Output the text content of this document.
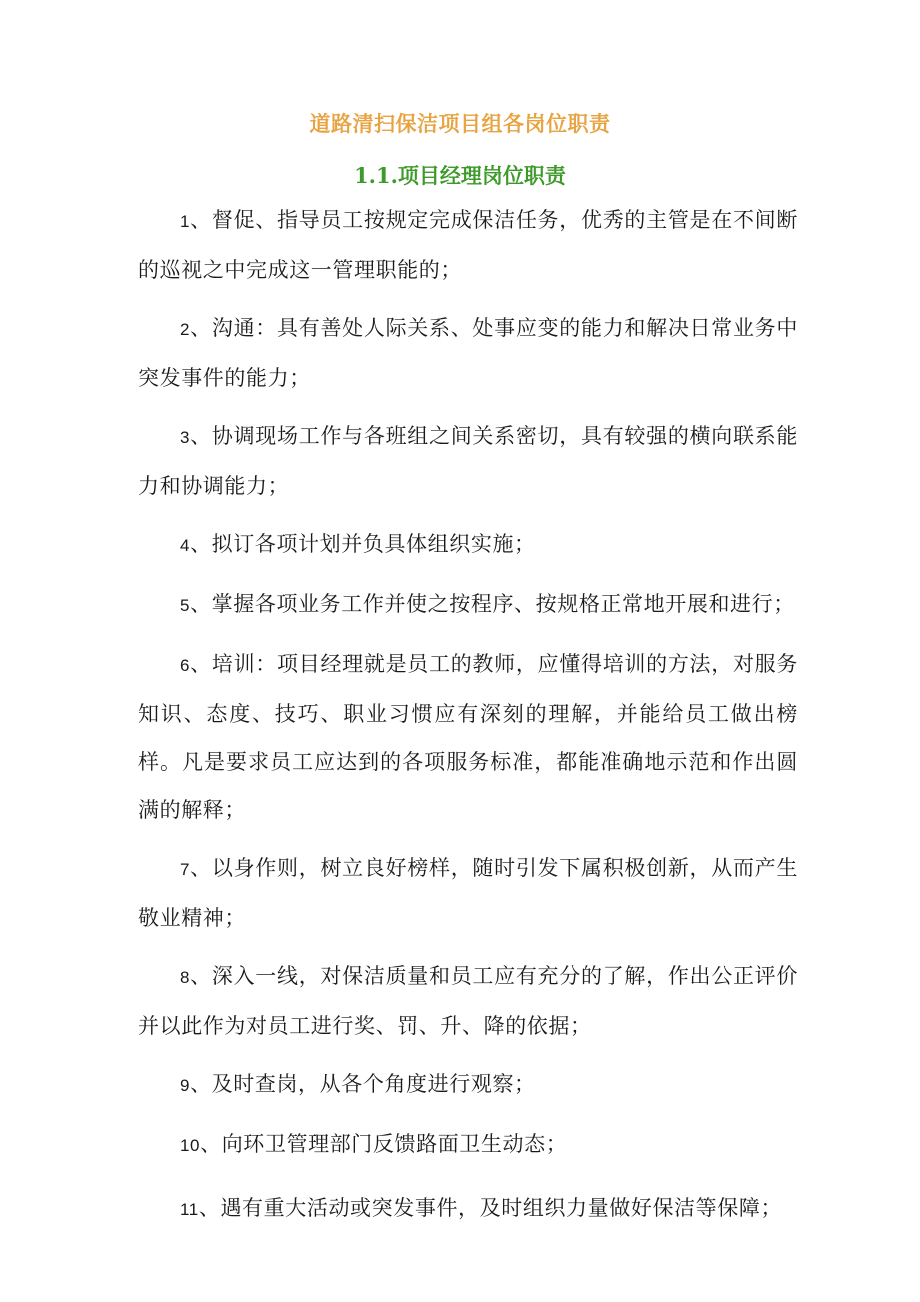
道路清扫保洁项目组各岗位职责
1.1.项目经理岗位职责
1、督促、指导员工按规定完成保洁任务，优秀的主管是在不间断的巡视之中完成这一管理职能的；
2、沟通：具有善处人际关系、处事应变的能力和解决日常业务中突发事件的能力；
3、协调现场工作与各班组之间关系密切，具有较强的横向联系能力和协调能力；
4、拟订各项计划并负具体组织实施；
5、掌握各项业务工作并使之按程序、按规格正常地开展和进行；
6、培训：项目经理就是员工的教师，应懂得培训的方法，对服务知识、态度、技巧、职业习惯应有深刻的理解，并能给员工做出榜样。凡是要求员工应达到的各项服务标准，都能准确地示范和作出圆满的解释；
7、以身作则，树立良好榜样，随时引发下属积极创新，从而产生敬业精神；
8、深入一线，对保洁质量和员工应有充分的了解，作出公正评价并以此作为对员工进行奖、罚、升、降的依据；
9、及时查岗，从各个角度进行观察；
10、向环卫管理部门反馈路面卫生动态；
11、遇有重大活动或突发事件，及时组织力量做好保洁等保障；
